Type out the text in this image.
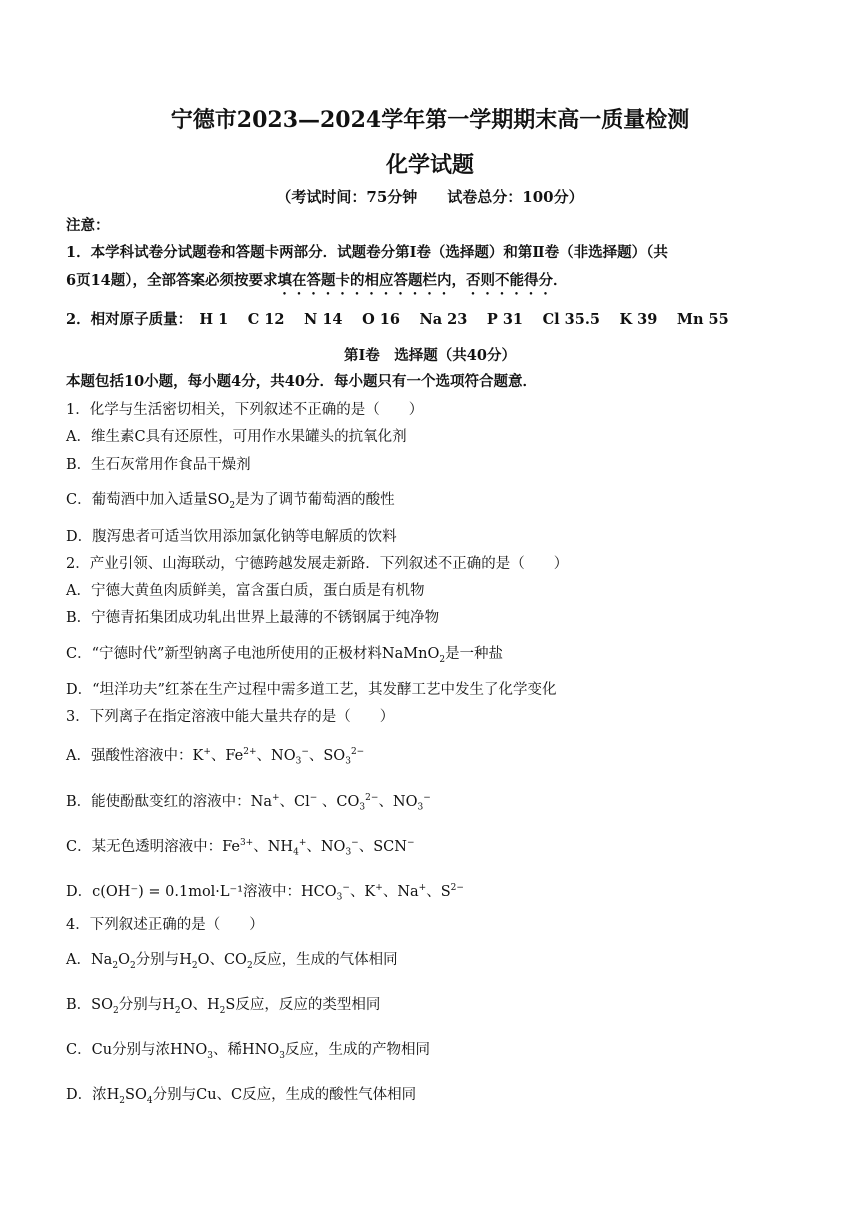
宁德市2023—2024学年第一学期期末高一质量检测
化学试题
（考试时间：75分钟　　试卷总分：100分）
注意：
1．本学科试卷分试题卷和答题卡两部分．试题卷分第Ⅰ卷（选择题）和第Ⅱ卷（非选择题）（共
6页14题），全部答案必须按要求填在答题卡的相应答题栏内，否则不能得分．
2．相对原子质量：　H 1　 C 12　 N 14　 O 16　 Na 23　 P 31　 Cl 35.5　 K 39　 Mn 55
第Ⅰ卷　选择题（共40分）
本题包括10小题，每小题4分，共40分．每小题只有一个选项符合题意．
1．化学与生活密切相关，下列叙述不正确的是（　　）
A．维生素C具有还原性，可用作水果罐头的抗氧化剂
B．生石灰常用作食品干燥剂
C．葡萄酒中加入适量$SO_2$是为了调节葡萄酒的酸性
D．腹泻患者可适当饮用添加氯化钠等电解质的饮料
2．产业引领、山海联动，宁德跨越发展走新路．下列叙述不正确的是（　　）
A．宁德大黄鱼肉质鲜美，富含蛋白质，蛋白质是有机物
B．宁德青拓集团成功轧出世界上最薄的不锈钢属于纯净物
C．“宁德时代”新型钠离子电池所使用的正极材料NaMnO$_2$是一种盐
D．“坦洋功夫”红茶在生产过程中需多道工艺，其发酵工艺中发生了化学变化
3．下列离子在指定溶液中能大量共存的是（　　）
A．强酸性溶液中：K+、$Fe^{2+}$、$NO_3^-$、$SO_3^{2-}$
B．能使酚酞变红的溶液中：Na+、Cl− 、$CO_3^{2-}$、$NO_3^-$
C．某无色透明溶液中：$Fe^{3+}$、$NH_4^+$、$NO_3^-$、SCN−
D．c(OH⁻) = 0.1mol·L⁻¹溶液中：$HCO_3^-$、K+、Na+、$S^{2-}$
4．下列叙述正确的是（　　）
A．$Na_2O_2$分别与$H_2O$、$CO_2$反应，生成的气体相同
B．$SO_2$分别与$H_2O$、$H_2S$反应，反应的类型相同
C．Cu分别与浓$HNO_3$、稀$HNO_3$反应，生成的产物相同
D．浓$H_2SO_4$分别与Cu、C反应，生成的酸性气体相同
